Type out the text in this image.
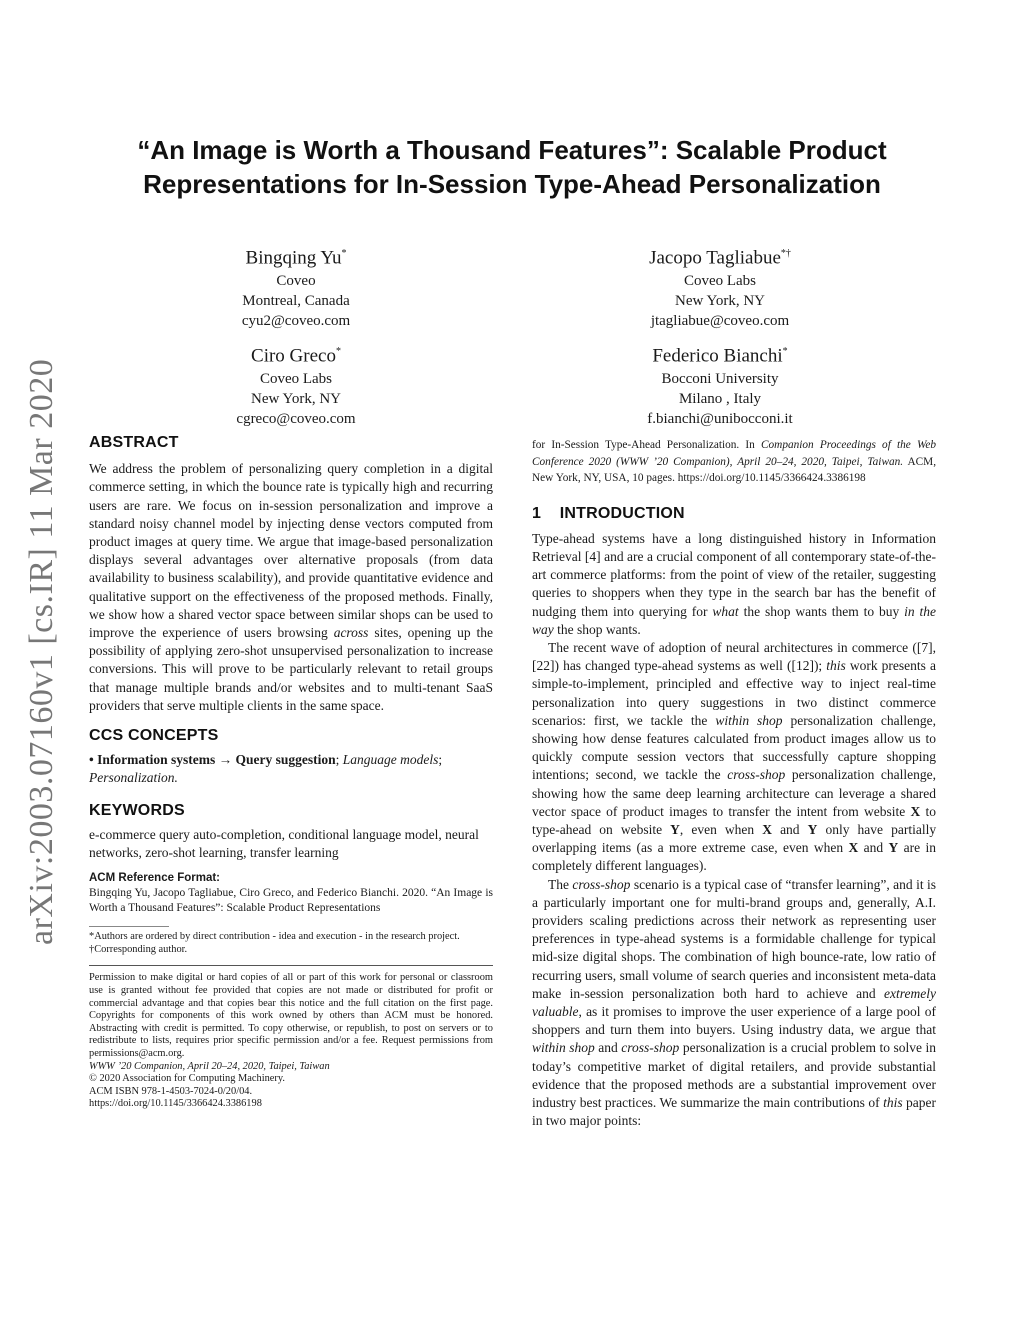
arXiv:2003.07160v1 [cs.IR] 11 Mar 2020
“An Image is Worth a Thousand Features”: Scalable Product
Representations for In-Session Type-Ahead Personalization
Bingqing Yu*
Coveo
Montreal, Canada
cyu2@coveo.com
Jacopo Tagliabue*†
Coveo Labs
New York, NY
jtagliabue@coveo.com
Ciro Greco*
Coveo Labs
New York, NY
cgreco@coveo.com
Federico Bianchi*
Bocconi University
Milano , Italy
f.bianchi@unibocconi.it
ABSTRACT

We address the problem of personalizing query completion in a digital commerce setting, in which the bounce rate is typically high and recurring users are rare. We focus on in-session personalization and improve a standard noisy channel model by injecting dense vectors computed from product images at query time. We argue that image-based personalization displays several advantages over alternative proposals (from data availability to business scalability), and provide quantitative evidence and qualitative support on the effectiveness of the proposed methods. Finally, we show how a shared vector space between similar shops can be used to improve the experience of users browsing across sites, opening up the possibility of applying zero-shot unsupervised personalization to increase conversions. This will prove to be particularly relevant to retail groups that manage multiple brands and/or websites and to multi-tenant SaaS providers that serve multiple clients in the same space.

CCS CONCEPTS

• Information systems → Query suggestion; Language models; Personalization.

KEYWORDS

e-commerce query auto-completion, conditional language model, neural networks, zero-shot learning, transfer learning

ACM Reference Format:

Bingqing Yu, Jacopo Tagliabue, Ciro Greco, and Federico Bianchi. 2020. “An Image is Worth a Thousand Features”: Scalable Product Representations

*Authors are ordered by direct contribution - idea and execution - in the research project.

†Corresponding author.

Permission to make digital or hard copies of all or part of this work for personal or classroom use is granted without fee provided that copies are not made or distributed for profit or commercial advantage and that copies bear this notice and the full citation on the first page. Copyrights for components of this work owned by others than ACM must be honored. Abstracting with credit is permitted. To copy otherwise, or republish, to post on servers or to redistribute to lists, requires prior specific permission and/or a fee. Request permissions from permissions@acm.org.

WWW ’20 Companion, April 20–24, 2020, Taipei, Taiwan

© 2020 Association for Computing Machinery.

ACM ISBN 978-1-4503-7024-0/20/04.

https://doi.org/10.1145/3366424.3386198

for In-Session Type-Ahead Personalization. In Companion Proceedings of the Web Conference 2020 (WWW ’20 Companion), April 20–24, 2020, Taipei, Taiwan. ACM, New York, NY, USA, 10 pages. https://doi.org/10.1145/3366424.3386198

1 INTRODUCTION

Type-ahead systems have a long distinguished history in Information Retrieval [4] and are a crucial component of all contemporary state-of-the-art commerce platforms: from the point of view of the retailer, suggesting queries to shoppers when they type in the search bar has the benefit of nudging them into querying for what the shop wants them to buy in the way the shop wants.

The recent wave of adoption of neural architectures in commerce ([7], [22]) has changed type-ahead systems as well ([12]); this work presents a simple-to-implement, principled and effective way to inject real-time personalization into query suggestions in two distinct commerce scenarios: first, we tackle the within shop personalization challenge, showing how dense features calculated from product images allow us to quickly compute session vectors that successfully capture shopping intentions; second, we tackle the cross-shop personalization challenge, showing how the same deep learning architecture can leverage a shared vector space of product images to transfer the intent from website X to type-ahead on website Y, even when X and Y only have partially overlapping items (as a more extreme case, even when X and Y are in completely different languages).

The cross-shop scenario is a typical case of “transfer learning”, and it is a particularly important one for multi-brand groups and, generally, A.I. providers scaling predictions across their network as representing user preferences in type-ahead systems is a formidable challenge for typical mid-size digital shops. The combination of high bounce-rate, low ratio of recurring users, small volume of search queries and inconsistent meta-data make in-session personalization both hard to achieve and extremely valuable, as it promises to improve the user experience of a large pool of shoppers and turn them into buyers. Using industry data, we argue that within shop and cross-shop personalization is a crucial problem to solve in today’s competitive market of digital retailers, and provide substantial evidence that the proposed methods are a substantial improvement over industry best practices. We summarize the main contributions of this paper in two major points:
